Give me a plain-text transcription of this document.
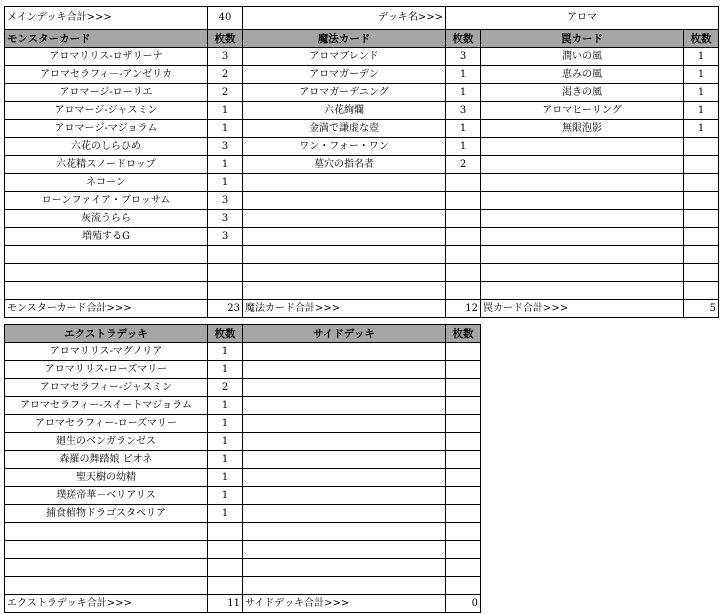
メインデッキ合計>>>	40	デッキ名>>>	アロマ		
モンスターカード	枚数	魔法カード	枚数	罠カード	枚数
アロマリリス-ロザリーナ	3	アロマブレンド	3	潤いの風	1
アロマセラフィ－-アンゼリカ	2	アロマガーデン	1	恵みの風	1
アロマージ-ローリエ	2	アロマガーデニング	1	渇きの風	1
アロマージ-ジャスミン	1	六花絢爛	3	アロマヒーリング	1
アロマージ-マジョラム	1	金満で謙虚な壺	1	無限泡影	1
六花のしらひめ	3	ワン・フォー・ワン	1		
六花精スノードロップ	1	墓穴の指名者	2		
ネコーン	1				
ローンファイア・ブロッサム	3				
灰流うらら	3				
増殖するG	3				

モンスターカード合計>>>	23	魔法カード合計>>>	12	罠カード合計>>>	5
エクストラデッキ	枚数	サイドデッキ	枚数
アロマリリス-マグノリア	1		
アロマリリス-ローズマリー	1		
アロマセラフィー-ジャスミン	2		
アロマセラフィー-スイートマジョラム	1		
アロマセラフィー-ローズマリー	1		
廻生のベンガランゼス	1		
森羅の舞踏娘 ピオネ	1		
聖天樹の幼精	1		
璞瑳帝華－ベリアリス	1		
捕食植物ドラゴスタペリア	1		

エクストラデッキ合計>>>	11	サイドデッキ合計>>>	0
